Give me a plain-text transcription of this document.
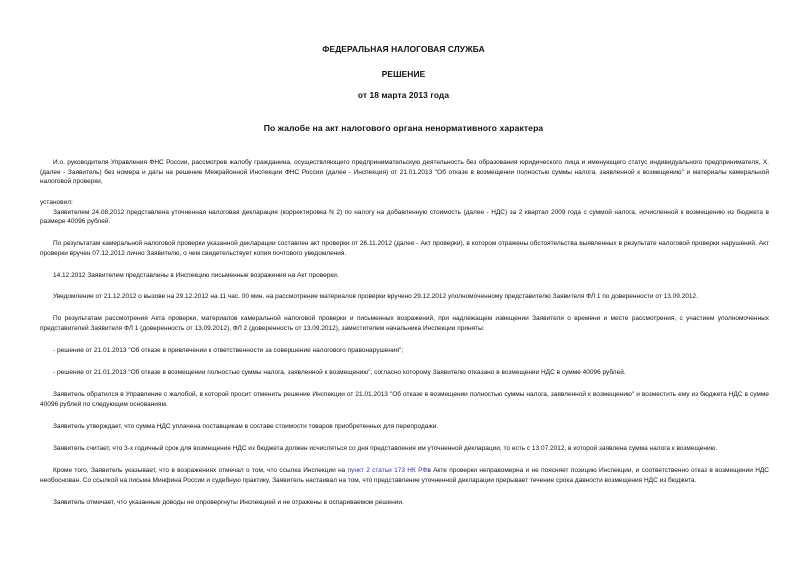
ФЕДЕРАЛЬНАЯ НАЛОГОВАЯ СЛУЖБА
РЕШЕНИЕ
от 18 марта 2013 года
По жалобе на акт налогового органа ненормативного характера

И.о. руководителя Управления ФНС России, рассмотрев жалобу гражданина, осуществляющего предпринимательскую деятельность без образования юридического лица и именующего статус индивидуального предпринимателя, Х. (далее - Заявитель) без номера и даты на решение Межрайонной Инспекции ФНС России (далее - Инспекция) от 21.01.2013 "Об отказе в возмещении полностью суммы налога, заявленной к возмещению" и материалы камеральной налоговой проверки,

установил:

Заявителем 24.08.2012 представлена уточненная налоговая декларация (корректировка N 2) по налогу на добавленную стоимость (далее - НДС) за 2 квартал 2009 года с суммой налога, исчисленной к возмещению из бюджета в размере 40096 рублей.

По результатам камеральной налоговой проверки указанной декларации составлен акт проверки от 26.11.2012 (далее - Акт проверки), в котором отражены обстоятельства выявленных в результате налоговой проверки нарушений. Акт проверки вручен 07.12.2012 лично Заявителю, о чем свидетельствует копия почтового уведомления.

14.12.2012 Заявителем представлены в Инспекцию письменные возражения на Акт проверки.

Уведомление от 21.12.2012 о вызове на 29.12.2012 на 11 час. 00 мин. на рассмотрение материалов проверки вручено 29.12.2012 уполномоченному представителю Заявителя ФЛ 1 по доверенности от 13.09.2012.

По результатам рассмотрения Акта проверки, материалов камеральной налоговой проверки и письменных возражений, при надлежащем извещении Заявителя о времени и месте рассмотрения, с участием уполномоченных представителей Заявителя ФЛ 1 (доверенность от 13.09.2012), ФЛ 2 (доверенность от 13.09.2012), заместителем начальника Инспекции приняты:

- решение от 21.01.2013 "Об отказе в привлечении к ответственности за совершение налогового правонарушения";

- решение от 21.01.2013 "Об отказе в возмещении полностью суммы налога, заявленной к возмещению", согласно которому Заявителю отказано в возмещении НДС в сумме 40096 рублей.

Заявитель обратился в Управление с жалобой, в которой просит отменить решение Инспекции от 21.01.2013 "Об отказе в возмещении полностью суммы налога, заявленной к возмещению" и возместить ему из бюджета НДС в сумме 40096 рублей по следующим основаниям.

Заявитель утверждает, что сумма НДС уплачена поставщикам в составе стоимости товаров приобретенных для перепродажи.

Заявитель считает, что 3-х годичный срок для возмещения НДС из бюджета должен исчисляться со дня представления им уточненной декларации, то есть с 13.07.2012, в которой заявлена сумма налога к возмещению.

Кроме того, Заявитель указывает, что в возражениях отмечал о том, что ссылка Инспекции на пункт 2 статьи 173 НК РФв Акте проверки неправомерна и не поясняет позицию Инспекции, и соответственно отказ в возмещении НДС необоснован. Со ссылкой на письма Минфина России и судебную практику, Заявитель настаивал на том, что представление уточненной декларации прерывает течение срока давности возмещения НДС из бюджета.

Заявитель отмечает, что указанные доводы не опровергнуты Инспекцией и не отражены в оспариваемом решении.
